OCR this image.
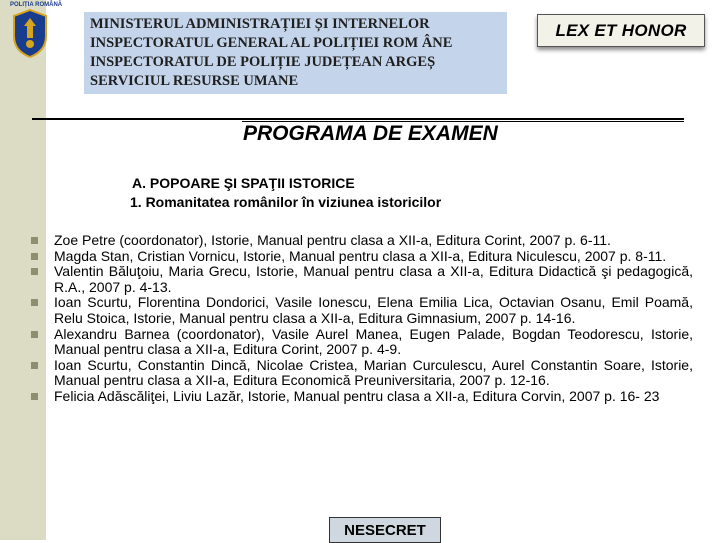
POLIȚIA ROMÂNĂ
MINISTERUL ADMINISTRAȚIEI ȘI INTERNELOR
INSPECTORATUL GENERAL AL POLIȚIEI ROM ÂNE
INSPECTORATUL DE POLIȚIE JUDEȚEAN ARGEȘ
SERVICIUL RESURSE UMANE
LEX ET HONOR
PROGRAMA DE EXAMEN
A. POPOARE ŞI SPAŢII ISTORICE
1. Romanitatea românilor în viziunea istoricilor
Zoe Petre (coordonator), Istorie, Manual pentru clasa a XII-a, Editura Corint, 2007 p. 6-11.
Magda Stan, Cristian Vornicu, Istorie, Manual pentru clasa a XII-a, Editura Niculescu, 2007 p. 8-11.
Valentin Băluţoiu, Maria Grecu, Istorie, Manual pentru clasa a XII-a, Editura Didactică şi pedagogică, R.A., 2007 p. 4-13.
Ioan Scurtu, Florentina Dondorici, Vasile Ionescu, Elena Emilia Lica, Octavian Osanu, Emil Poamă, Relu Stoica, Istorie, Manual pentru clasa a XII-a, Editura Gimnasium, 2007 p. 14-16.
Alexandru Barnea (coordonator), Vasile Aurel Manea, Eugen Palade, Bogdan Teodorescu, Istorie, Manual pentru clasa a XII-a, Editura Corint, 2007 p. 4-9.
Ioan Scurtu, Constantin Dincă, Nicolae Cristea, Marian Curculescu, Aurel Constantin Soare, Istorie, Manual pentru clasa a XII-a, Editura Economică Preuniversitaria, 2007 p. 12-16.
Felicia Adăscăliţei, Liviu Lazăr, Istorie, Manual pentru clasa a XII-a, Editura Corvin, 2007 p. 16- 23
NESECRET
